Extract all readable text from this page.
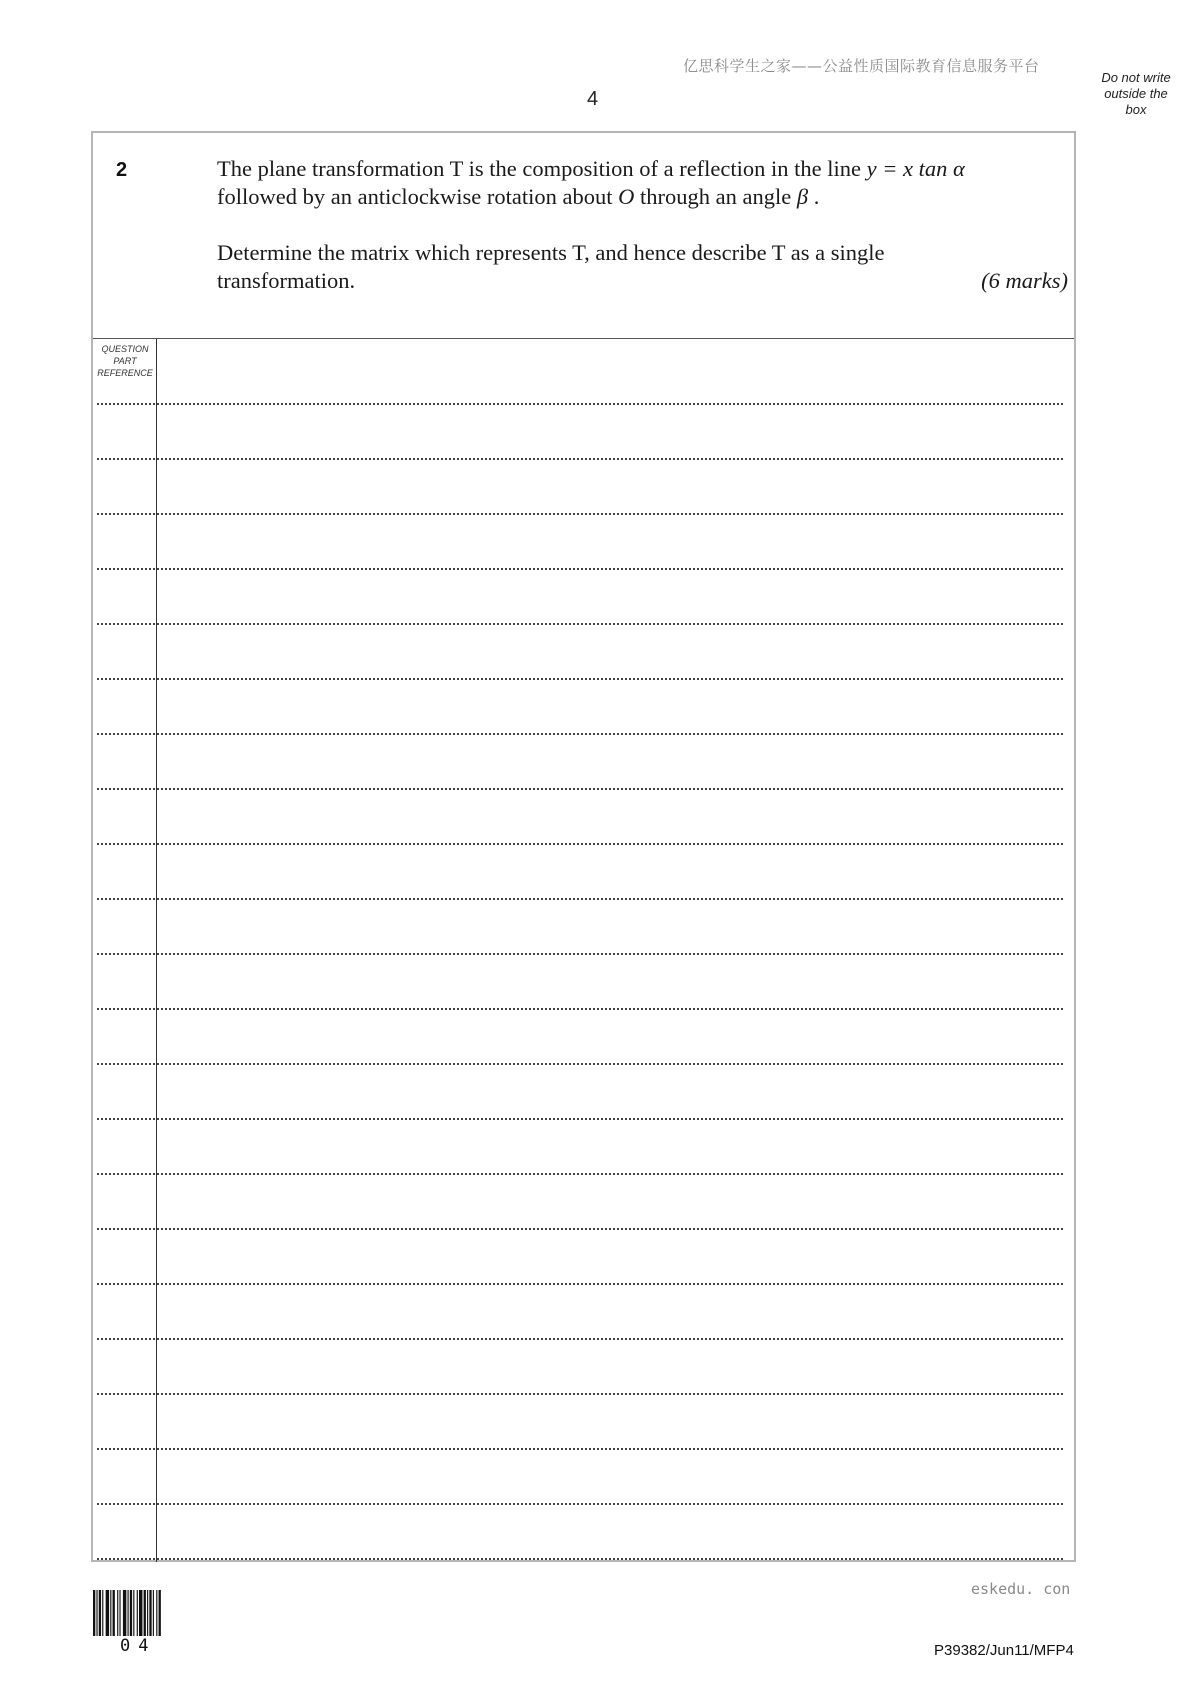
亿思科学生之家——公益性质国际教育信息服务平台
4
Do not write
outside the
box
2	The plane transformation T is the composition of a reflection in the line y = x tan α

followed by an anticlockwise rotation about O through an angle β .

Determine the matrix which represents T, and hence describe T as a single

transformation.	(6 marks)
QUESTION
PART
REFERENCE
eskedu. con
04	P39382/Jun11/MFP4
